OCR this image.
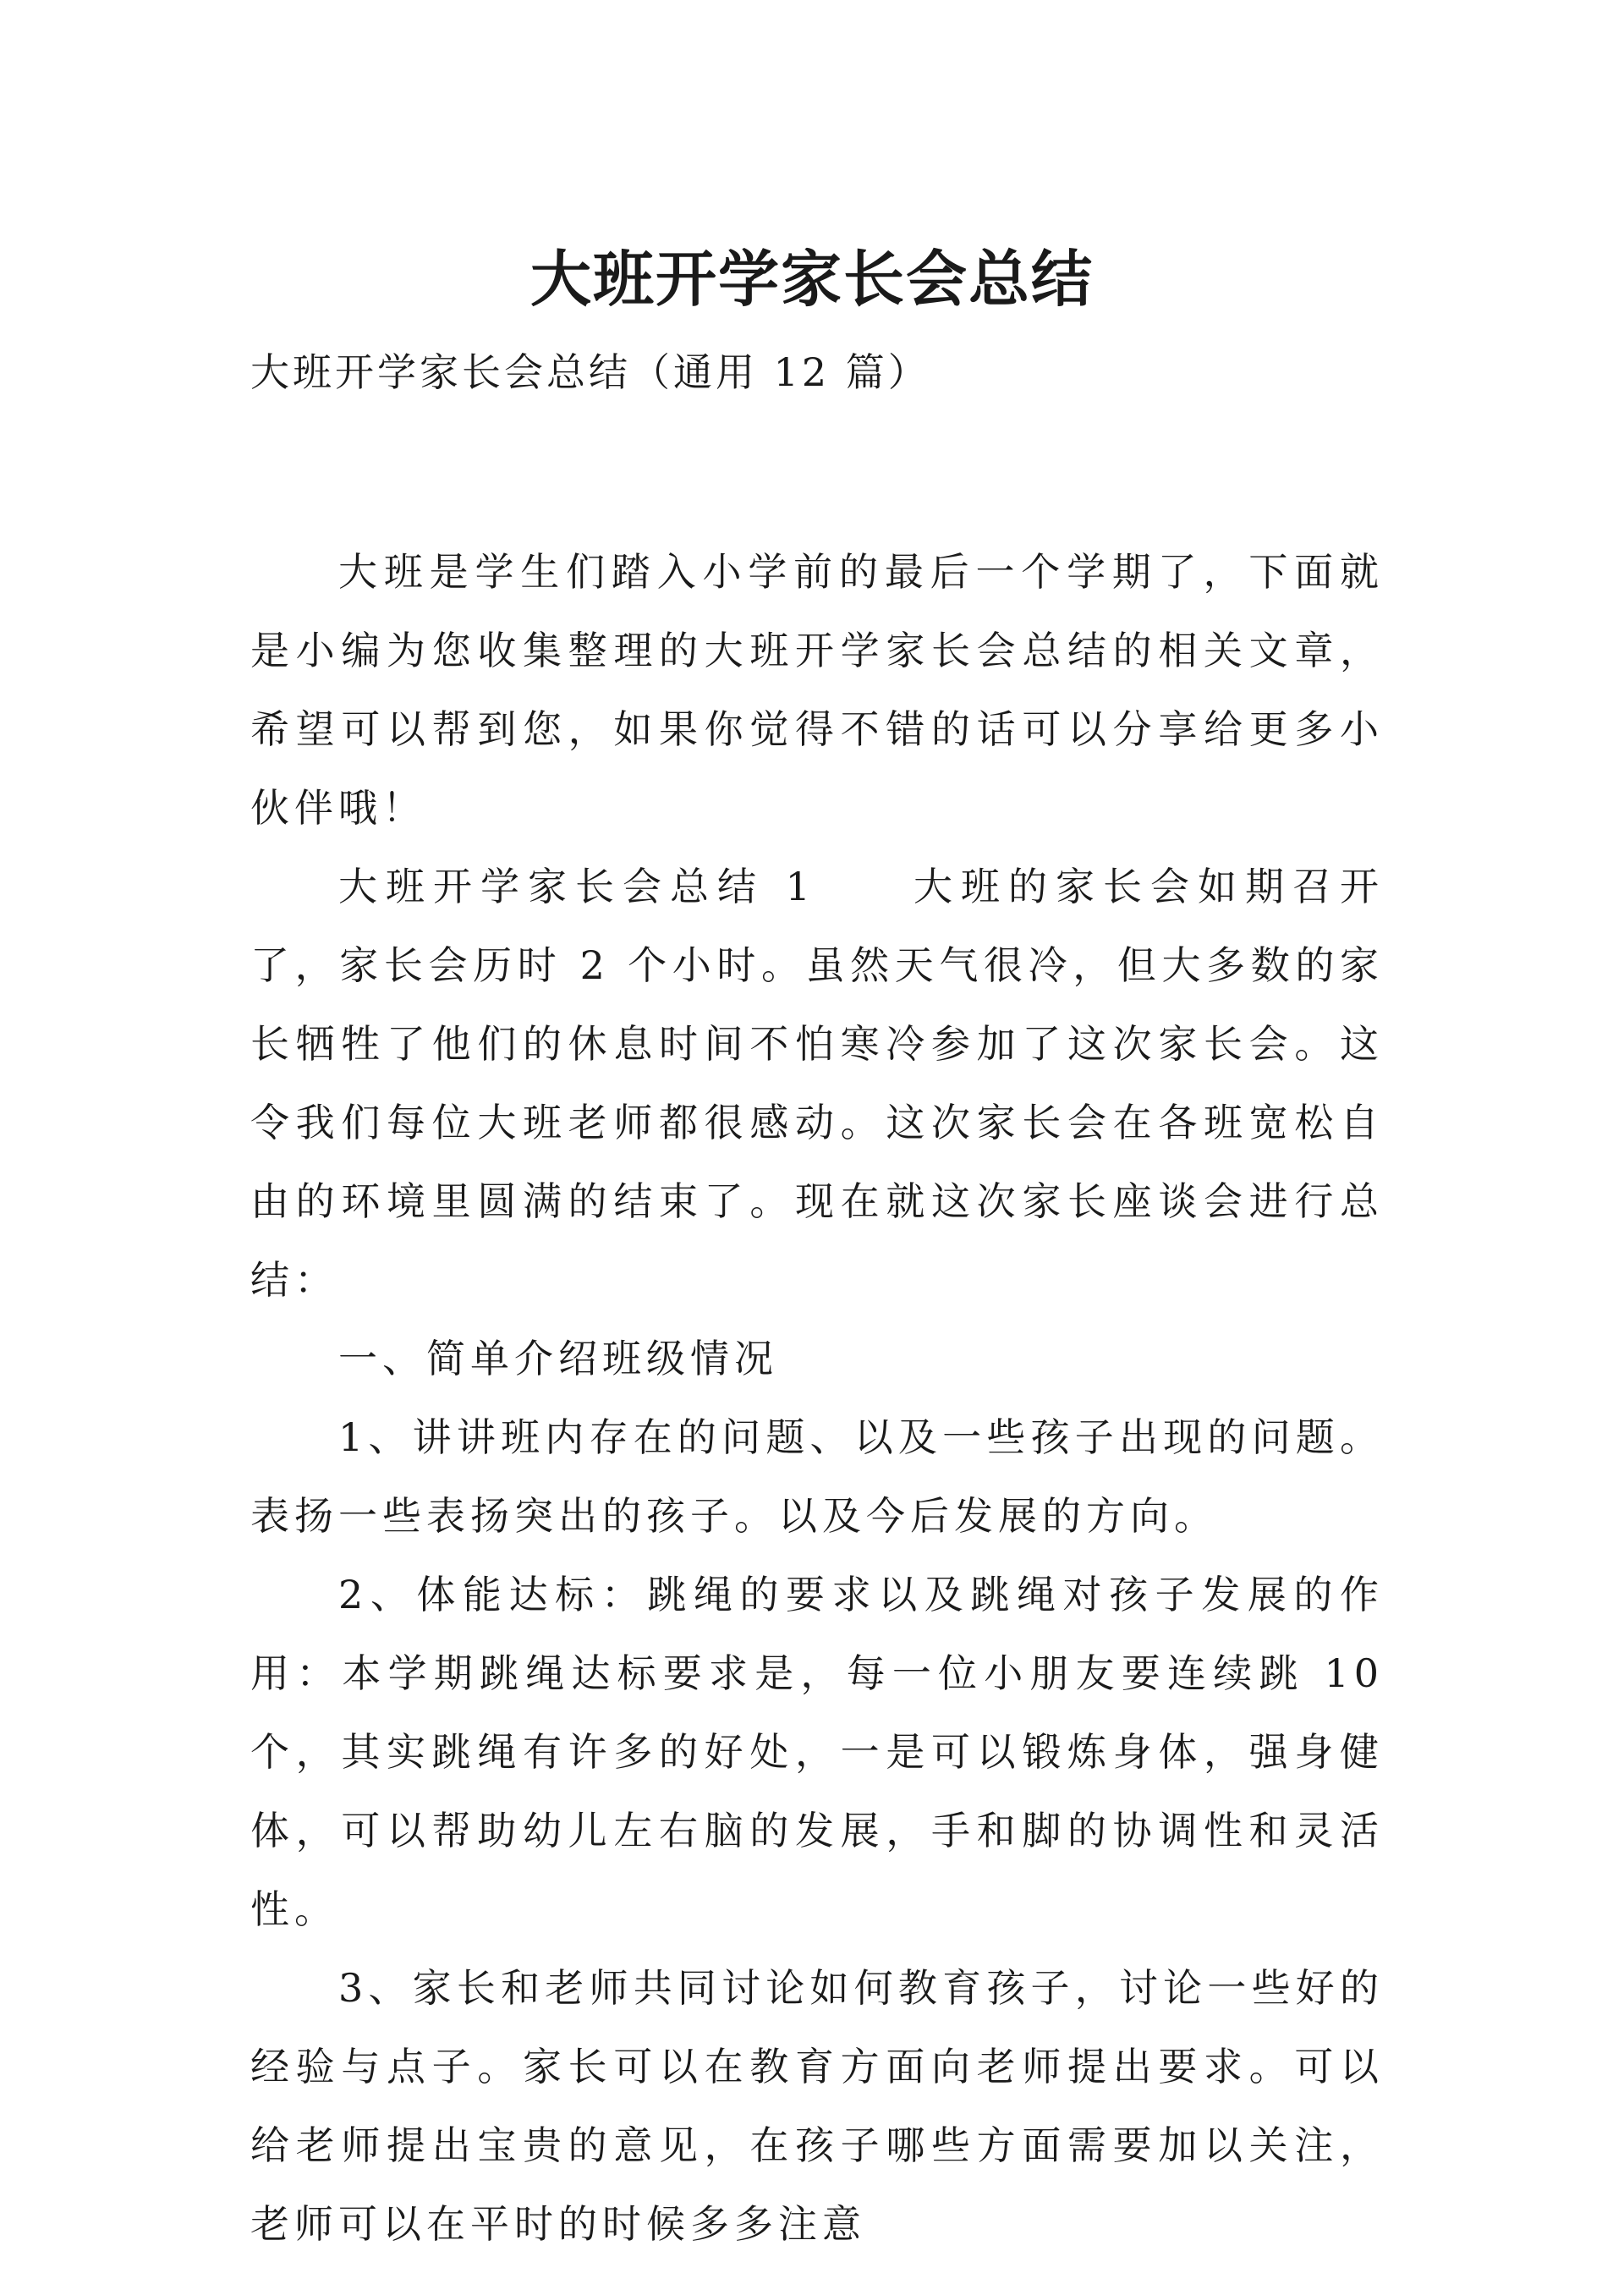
大班开学家长会总结
大班开学家长会总结（通用 12 篇）

大班是学生们踏入小学前的最后一个学期了，下面就是小编为您收集整理的大班开学家长会总结的相关文章，希望可以帮到您，如果你觉得不错的话可以分享给更多小伙伴哦！

大班开学家长会总结 1 大班的家长会如期召开了，家长会历时 2 个小时。虽然天气很冷，但大多数的家长牺牲了他们的休息时间不怕寒冷参加了这次家长会。这令我们每位大班老师都很感动。这次家长会在各班宽松自由的环境里圆满的结束了。现在就这次家长座谈会进行总结：

一、简单介绍班级情况

1、讲讲班内存在的问题、以及一些孩子出现的问题。表扬一些表扬突出的孩子。以及今后发展的方向。

2、体能达标：跳绳的要求以及跳绳对孩子发展的作用：本学期跳绳达标要求是，每一位小朋友要连续跳 10 个，其实跳绳有许多的好处，一是可以锻炼身体，强身健体，可以帮助幼儿左右脑的发展，手和脚的协调性和灵活性。

3、家长和老师共同讨论如何教育孩子，讨论一些好的经验与点子。家长可以在教育方面向老师提出要求。可以给老师提出宝贵的意见，在孩子哪些方面需要加以关注，老师可以在平时的时候多多注意
